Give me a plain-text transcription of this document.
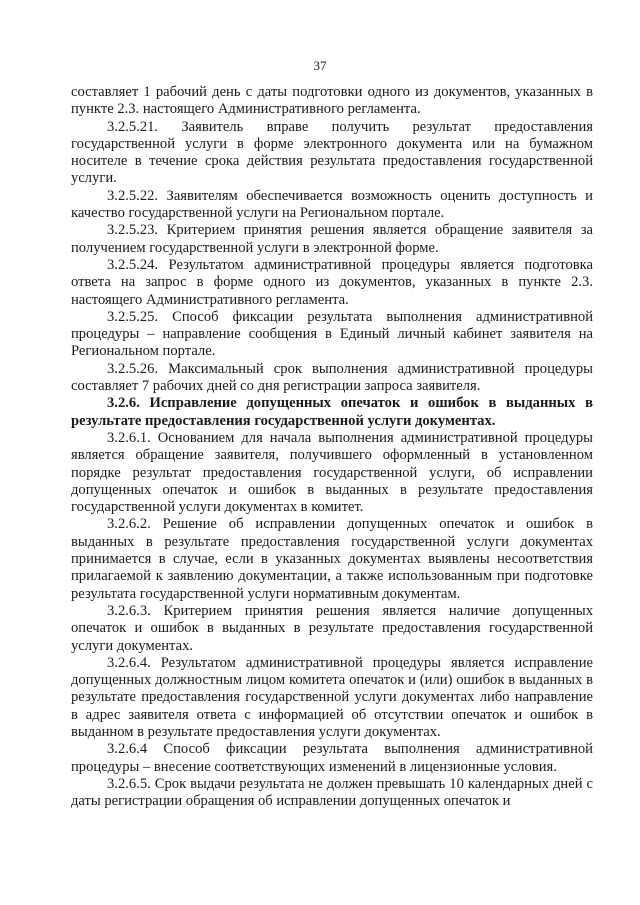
37

составляет 1 рабочий день с даты подготовки одного из документов, указанных в пункте 2.3. настоящего Административного регламента.

3.2.5.21. Заявитель вправе получить результат предоставления государственной услуги в форме электронного документа или на бумажном носителе в течение срока действия результата предоставления государственной услуги.

3.2.5.22. Заявителям обеспечивается возможность оценить доступность и качество государственной услуги на Региональном портале.

3.2.5.23. Критерием принятия решения является обращение заявителя за получением государственной услуги в электронной форме.

3.2.5.24. Результатом административной процедуры является подготовка ответа на запрос в форме одного из документов, указанных в пункте 2.3. настоящего Административного регламента.

3.2.5.25. Способ фиксации результата выполнения административной процедуры – направление сообщения в Единый личный кабинет заявителя на Региональном портале.

3.2.5.26. Максимальный срок выполнения административной процедуры составляет 7 рабочих дней со дня регистрации запроса заявителя.

3.2.6. Исправление допущенных опечаток и ошибок в выданных в результате предоставления государственной услуги документах.

3.2.6.1. Основанием для начала выполнения административной процедуры является обращение заявителя, получившего оформленный в установленном порядке результат предоставления государственной услуги, об исправлении допущенных опечаток и ошибок в выданных в результате предоставления государственной услуги документах в комитет.

3.2.6.2. Решение об исправлении допущенных опечаток и ошибок в выданных в результате предоставления государственной услуги документах принимается в случае, если в указанных документах выявлены несоответствия прилагаемой к заявлению документации, а также использованным при подготовке результата государственной услуги нормативным документам.

3.2.6.3. Критерием принятия решения является наличие допущенных опечаток и ошибок в выданных в результате предоставления государственной услуги документах.

3.2.6.4. Результатом административной процедуры является исправление допущенных должностным лицом комитета опечаток и (или) ошибок в выданных в результате предоставления государственной услуги документах либо направление в адрес заявителя ответа с информацией об отсутствии опечаток и ошибок в выданном в результате предоставления услуги документах.

3.2.6.4 Способ фиксации результата выполнения административной процедуры – внесение соответствующих изменений в лицензионные условия.

3.2.6.5. Срок выдачи результата не должен превышать 10 календарных дней с даты регистрации обращения об исправлении допущенных опечаток и
